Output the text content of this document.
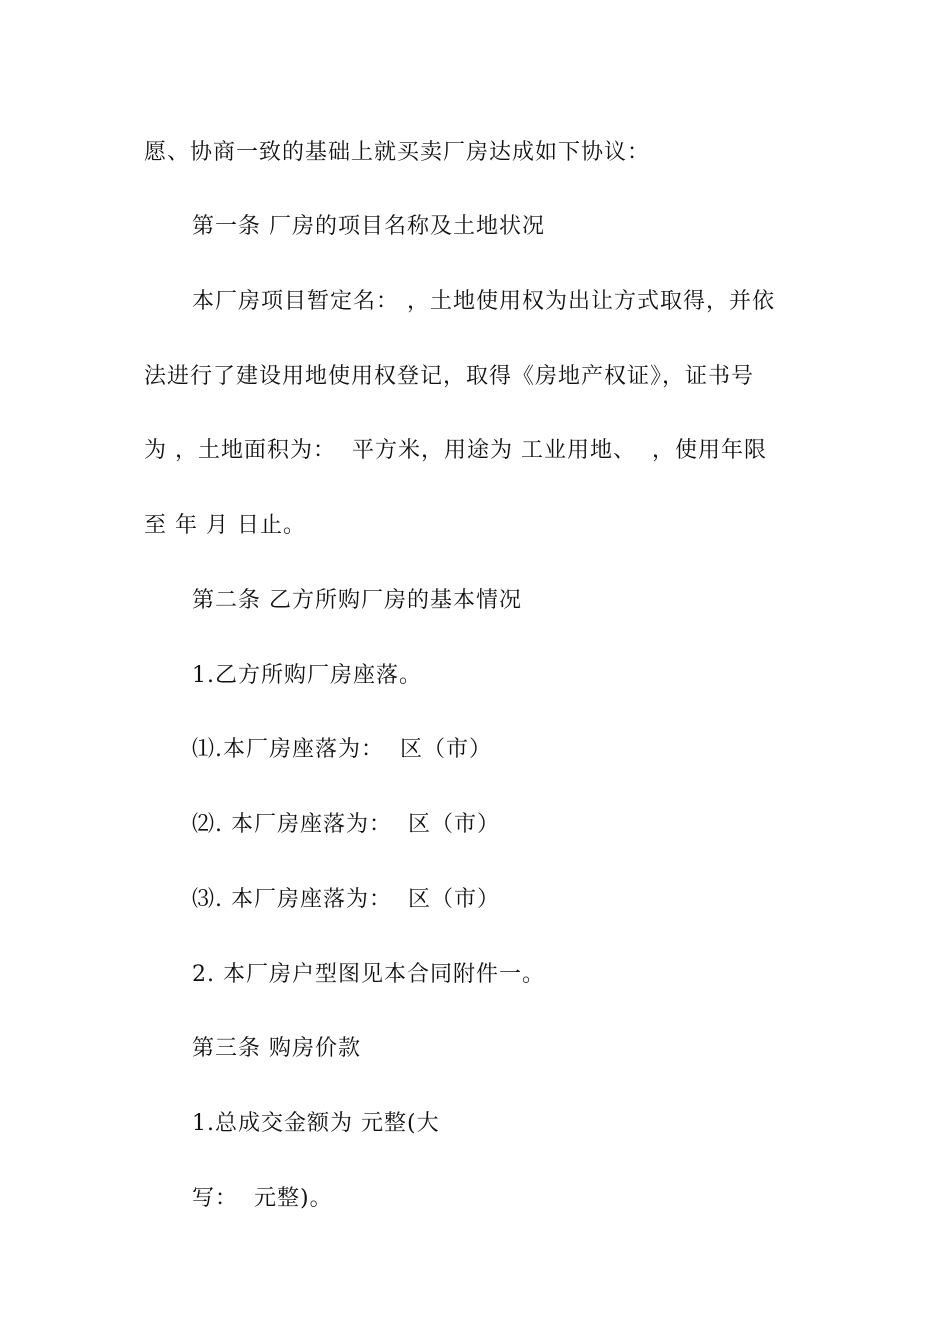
愿、协商一致的基础上就买卖厂房达成如下协议：
第一条 厂房的项目名称及土地状况
本厂房项目暂定名： ，土地使用权为出让方式取得，并依
法进行了建设用地使用权登记，取得《房地产权证》，证书号
为 ，土地面积为：  平方米，用途为 工业用地、  ，使用年限
至 年 月 日止。
第二条 乙方所购厂房的基本情况
1.乙方所购厂房座落。
⑴.本厂房座落为：  区（市）
⑵. 本厂房座落为：  区（市）
⑶. 本厂房座落为：  区（市）
2. 本厂房户型图见本合同附件一。
第三条 购房价款
1.总成交金额为 元整(大
写：  元整)。
